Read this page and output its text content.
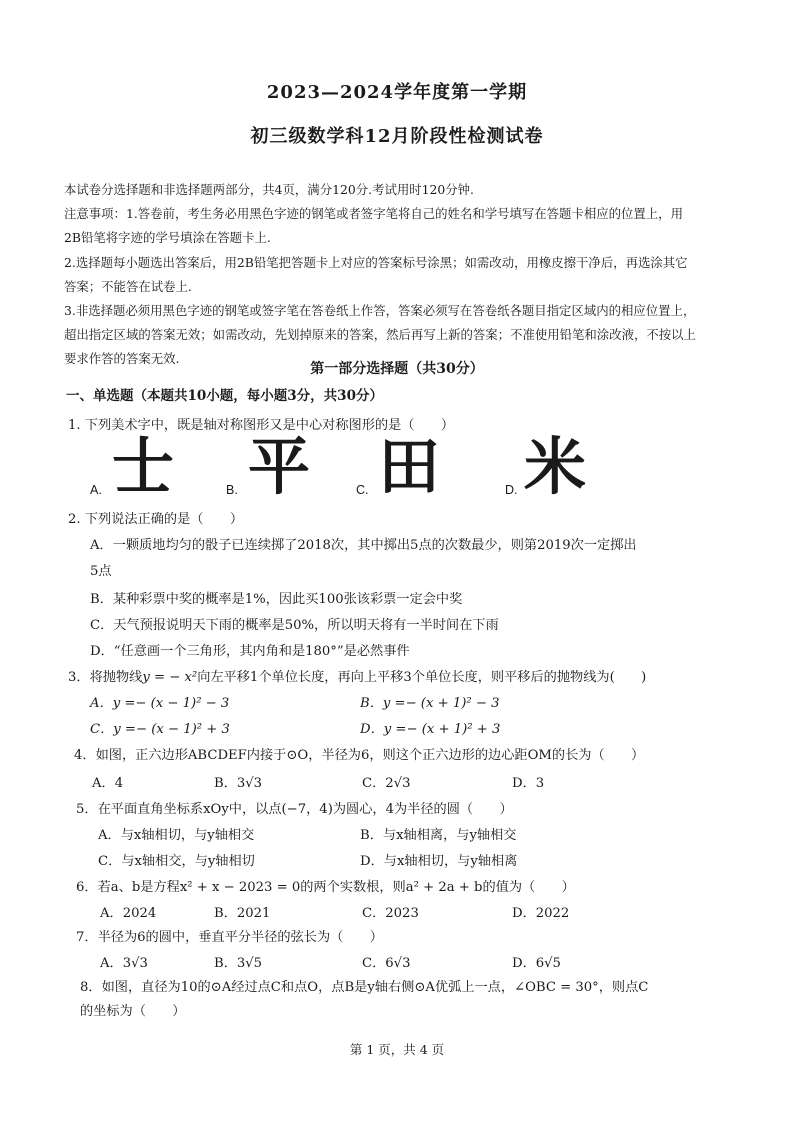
2023—2024学年度第一学期
初三级数学科12月阶段性检测试卷
本试卷分选择题和非选择题两部分，共4页，满分120分.考试用时120分钟.
注意事项：1.答卷前，考生务必用黑色字迹的钢笔或者签字笔将自己的姓名和学号填写在答题卡相应的位置上，用
2B铅笔将字迹的学号填涂在答题卡上.
2.选择题每小题选出答案后，用2B铅笔把答题卡上对应的答案标号涂黑；如需改动，用橡皮擦干净后，再选涂其它
答案；不能答在试卷上.
3.非选择题必须用黑色字迹的钢笔或签字笔在答卷纸上作答，答案必须写在答卷纸各题目指定区域内的相应位置上，
超出指定区域的答案无效；如需改动，先划掉原来的答案，然后再写上新的答案；不准使用铅笔和涂改液，不按以上
要求作答的答案无效.
第一部分选择题（共30分）
一、单选题（本题共10小题，每小题3分，共30分）
1. 下列美术字中，既是轴对称图形又是中心对称图形的是（　　）
A. 士	B. 平	C. 田	D. 米
2. 下列说法正确的是（　　）
A．一颗质地均匀的骰子已连续掷了2018次，其中掷出5点的次数最少，则第2019次一定掷出
5点
B．某种彩票中奖的概率是1%，因此买100张该彩票一定会中奖
C．天气预报说明天下雨的概率是50%，所以明天将有一半时间在下雨
D．“任意画一个三角形，其内角和是180°”是必然事件
3．将抛物线y = − x²向左平移1个单位长度，再向上平移3个单位长度，则平移后的抛物线为(　　)
A．y =− (x − 1)² − 3	B．y =− (x + 1)² − 3
C．y =− (x − 1)² + 3	D．y =− (x + 1)² + 3
4．如图，正六边形ABCDEF内接于⊙O，半径为6，则这个正六边形的边心距OM的长为（　　）
A．4	B．3√3	C．2√3	D．3
5．在平面直角坐标系xOy中，以点(−7，4)为圆心，4为半径的圆（　　）
A．与x轴相切，与y轴相交	B．与x轴相离，与y轴相交
C．与x轴相交，与y轴相切	D．与x轴相切，与y轴相离
6．若a、b是方程x² + x − 2023 = 0的两个实数根，则a² + 2a + b的值为（　　）
A．2024	B．2021	C．2023	D．2022
7．半径为6的圆中，垂直平分半径的弦长为（　　）
A．3√3	B．3√5	C．6√3	D．6√5
8．如图，直径为10的⊙A经过点C和点O，点B是y轴右侧⊙A优弧上一点，∠OBC = 30°，则点C
的坐标为（　　）
第 1 页，共 4 页
